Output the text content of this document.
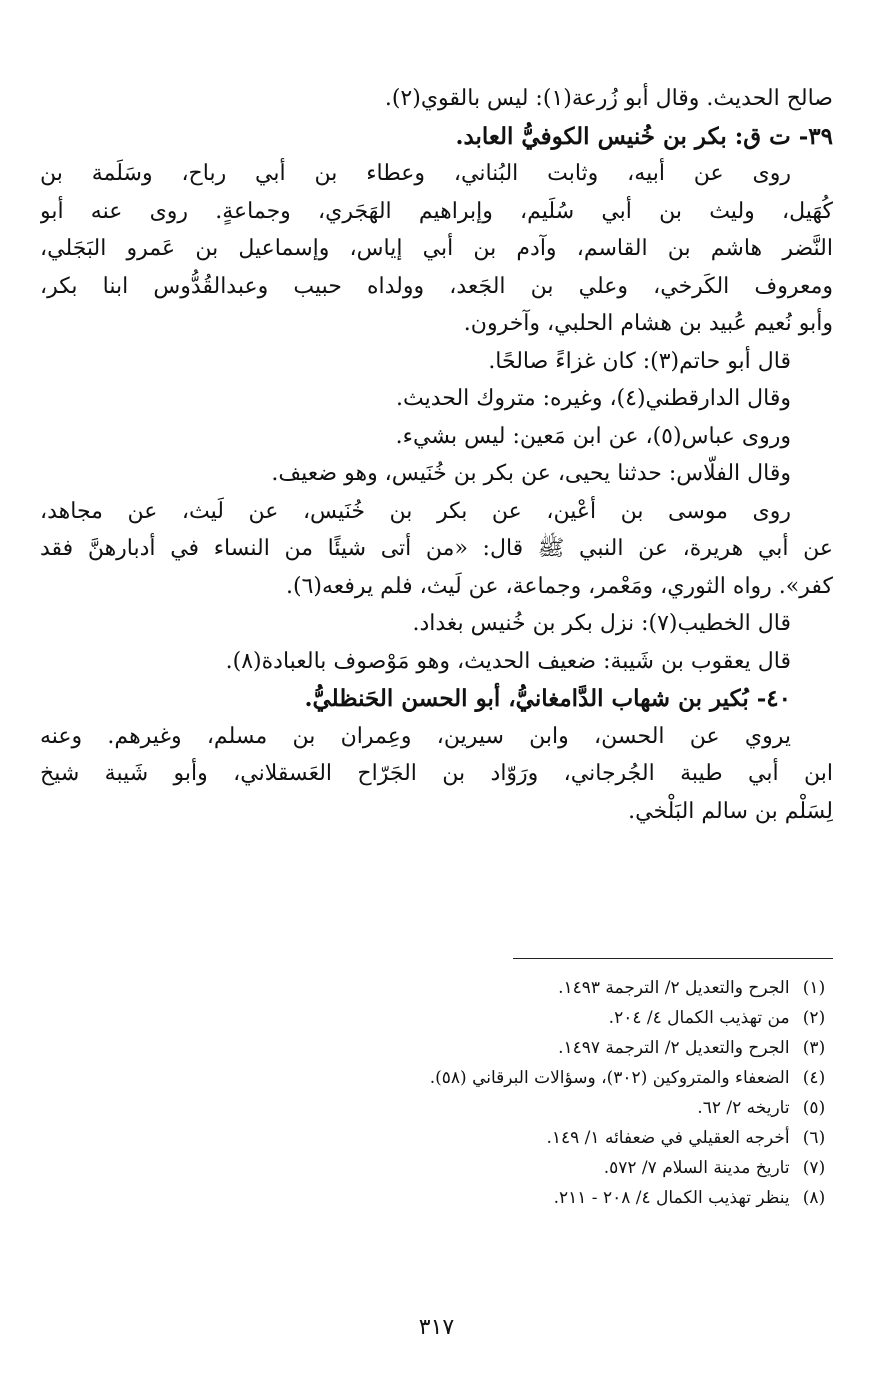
صالح الحديث. وقال أبو زُرعة(١): ليس بالقوي(٢).
٣٩- ت ق: بكر بن خُنيس الكوفيُّ العابد.
روى عن أبيه، وثابت البُناني، وعطاء بن أبي رباح، وسَلَمة بن
كُهَيل، وليث بن أبي سُلَيم، وإبراهيم الهَجَري، وجماعةٍ. روى عنه أبو
النَّضر هاشم بن القاسم، وآدم بن أبي إياس، وإسماعيل بن عَمرو البَجَلي،
ومعروف الكَرخي، وعلي بن الجَعد، وولداه حبيب وعبدالقُدُّوس ابنا بكر،
وأبو نُعيم عُبيد بن هشام الحلبي، وآخرون.
قال أبو حاتم(٣): كان غزاءً صالحًا.
وقال الدارقطني(٤)، وغيره: متروك الحديث.
وروى عباس(٥)، عن ابن مَعين: ليس بشيء.
وقال الفلّاس: حدثنا يحيى، عن بكر بن خُنَيس، وهو ضعيف.
روى موسى بن أعْين، عن بكر بن خُنَيس، عن لَيث، عن مجاهد،
عن أبي هريرة، عن النبي ﷺ قال: «من أتى شيئًا من النساء في أدبارهنَّ فقد
كفر». رواه الثوري، ومَعْمر، وجماعة، عن لَيث، فلم يرفعه(٦).
قال الخطيب(٧): نزل بكر بن خُنيس بغداد.
قال يعقوب بن شَيبة: ضعيف الحديث، وهو مَوْصوف بالعبادة(٨).
٤٠- بُكير بن شهاب الدَّامغانيُّ، أبو الحسن الحَنظليُّ.
يروي عن الحسن، وابن سيرين، وعِمران بن مسلم، وغيرهم. وعنه
ابن أبي طيبة الجُرجاني، ورَوّاد بن الجَرّاح العَسقلاني، وأبو شَيبة شيخ
لِسَلْم بن سالم البَلْخي.
(١) الجرح والتعديل ٢/ الترجمة ١٤٩٣.
(٢) من تهذيب الكمال ٤/ ٢٠٤.
(٣) الجرح والتعديل ٢/ الترجمة ١٤٩٧.
(٤) الضعفاء والمتروكين (٣٠٢)، وسؤالات البرقاني (٥٨).
(٥) تاريخه ٢/ ٦٢.
(٦) أخرجه العقيلي في ضعفائه ١/ ١٤٩.
(٧) تاريخ مدينة السلام ٧/ ٥٧٢.
(٨) ينظر تهذيب الكمال ٤/ ٢٠٨ - ٢١١.
٣١٧
